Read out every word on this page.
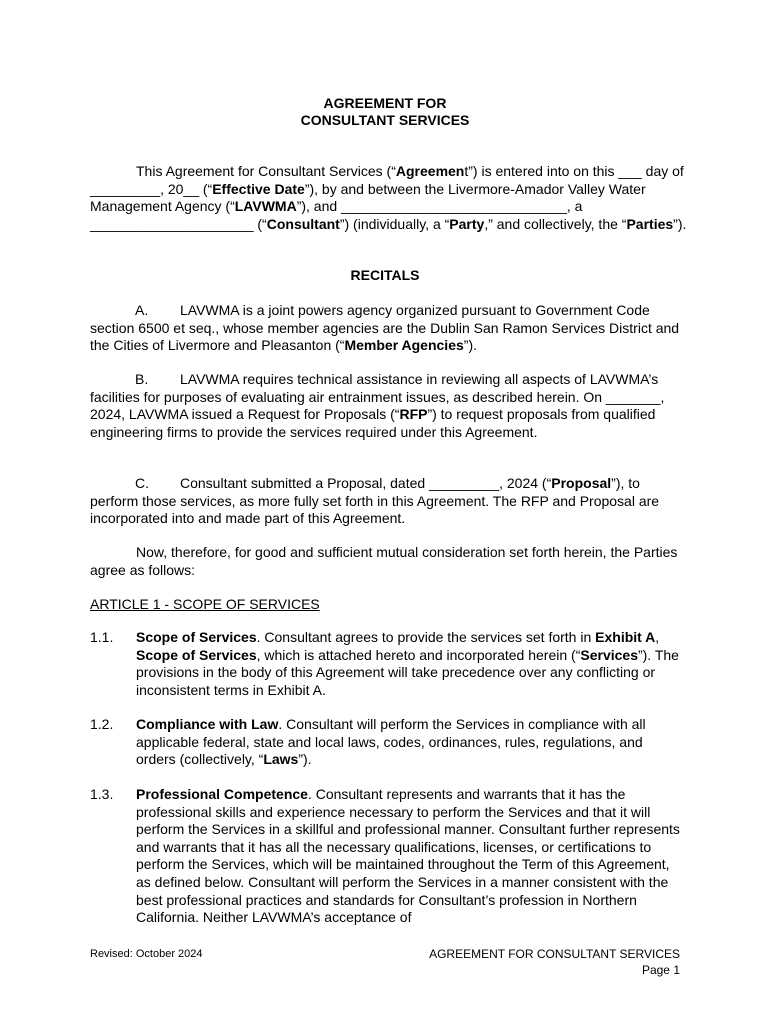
AGREEMENT FOR
CONSULTANT SERVICES
This Agreement for Consultant Services (“Agreement”) is entered into on this ___ day of _________, 20__ (“Effective Date”), by and between the Livermore-Amador Valley Water Management Agency (“LAVWMA”), and _____________________________, a _____________________ (“Consultant”) (individually, a “Party,” and collectively, the “Parties”).
RECITALS
A. LAVWMA is a joint powers agency organized pursuant to Government Code section 6500 et seq., whose member agencies are the Dublin San Ramon Services District and the Cities of Livermore and Pleasanton (“Member Agencies”).
B. LAVWMA requires technical assistance in reviewing all aspects of LAVWMA’s facilities for purposes of evaluating air entrainment issues, as described herein. On _______, 2024, LAVWMA issued a Request for Proposals (“RFP”) to request proposals from qualified engineering firms to provide the services required under this Agreement.
C. Consultant submitted a Proposal, dated _________, 2024 (“Proposal”), to perform those services, as more fully set forth in this Agreement. The RFP and Proposal are incorporated into and made part of this Agreement.
Now, therefore, for good and sufficient mutual consideration set forth herein, the Parties agree as follows:
ARTICLE 1 - SCOPE OF SERVICES
1.1. Scope of Services. Consultant agrees to provide the services set forth in Exhibit A, Scope of Services, which is attached hereto and incorporated herein (“Services”). The provisions in the body of this Agreement will take precedence over any conflicting or inconsistent terms in Exhibit A.
1.2. Compliance with Law. Consultant will perform the Services in compliance with all applicable federal, state and local laws, codes, ordinances, rules, regulations, and orders (collectively, “Laws”).
1.3. Professional Competence. Consultant represents and warrants that it has the professional skills and experience necessary to perform the Services and that it will perform the Services in a skillful and professional manner. Consultant further represents and warrants that it has all the necessary qualifications, licenses, or certifications to perform the Services, which will be maintained throughout the Term of this Agreement, as defined below. Consultant will perform the Services in a manner consistent with the best professional practices and standards for Consultant’s profession in Northern California. Neither LAVWMA’s acceptance of
Revised: October 2024	AGREEMENT FOR CONSULTANT SERVICES
Page 1
